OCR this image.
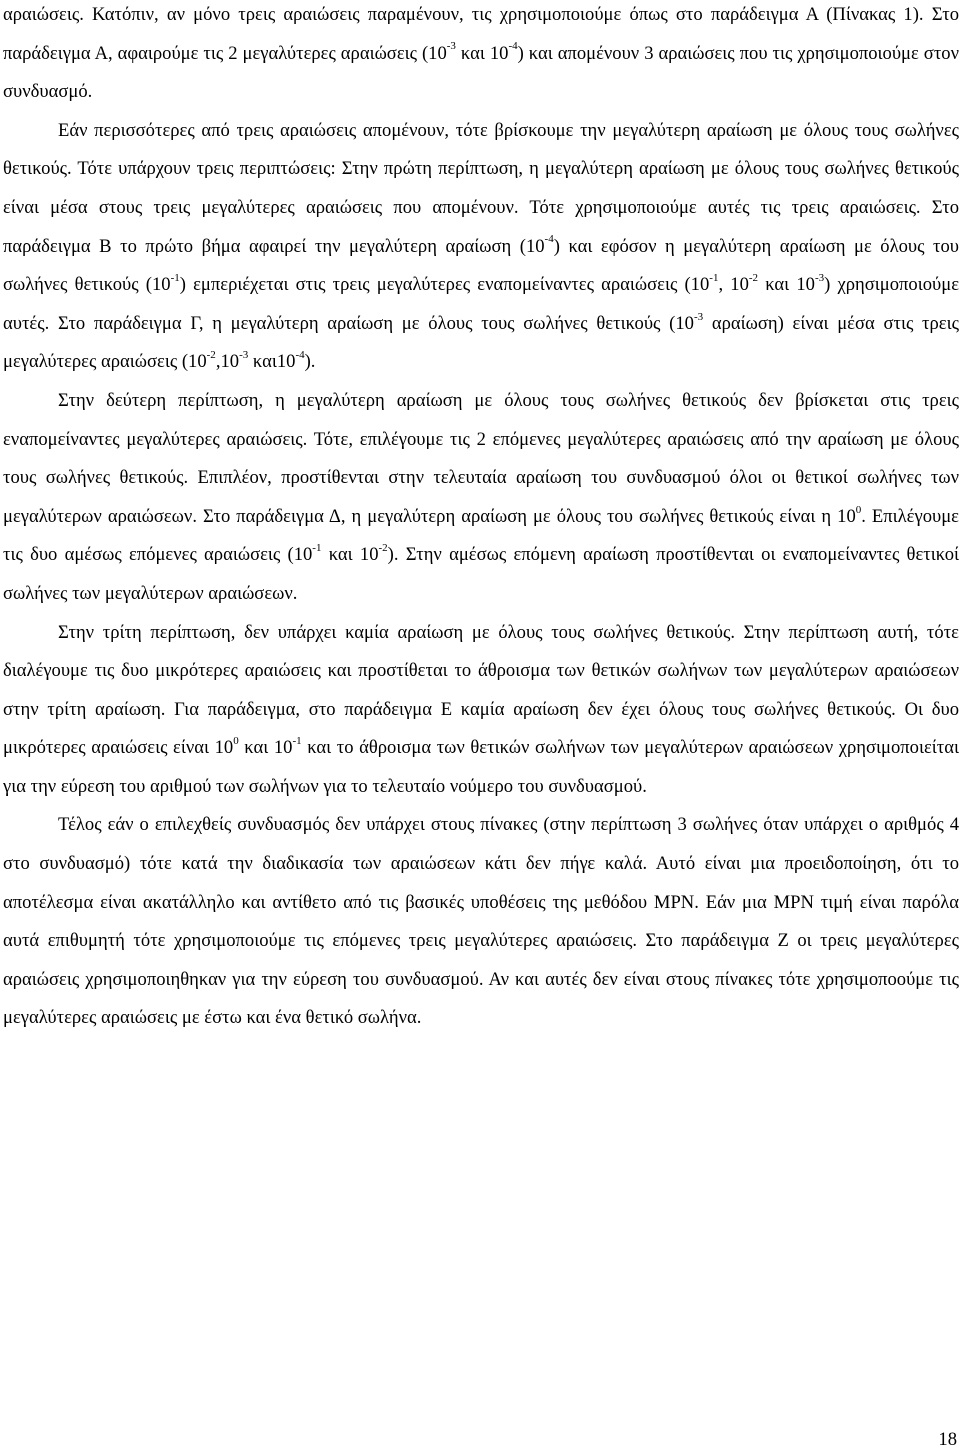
αραιώσεις. Κατόπιν, αν μόνο τρεις αραιώσεις παραμένουν, τις χρησιμοποιούμε όπως στο παράδειγμα Α (Πίνακας 1). Στο παράδειγμα Α, αφαιρούμε τις 2 μεγαλύτερες αραιώσεις ($10^{-3}$ και $10^{-4}$) και απομένουν 3 αραιώσεις που τις χρησιμοποιούμε στον συνδυασμό.

Εάν περισσότερες από τρεις αραιώσεις απομένουν, τότε βρίσκουμε την μεγαλύτερη αραίωση με όλους τους σωλήνες θετικούς. Τότε υπάρχουν τρεις περιπτώσεις: Στην πρώτη περίπτωση, η μεγαλύτερη αραίωση με όλους τους σωλήνες θετικούς είναι μέσα στους τρεις μεγαλύτερες αραιώσεις που απομένουν. Τότε χρησιμοποιούμε αυτές τις τρεις αραιώσεις. Στο παράδειγμα Β το πρώτο βήμα αφαιρεί την μεγαλύτερη αραίωση $(10^{-4})$ και εφόσον η μεγαλύτερη αραίωση με όλους του σωλήνες θετικούς $(10^{-1})$ εμπεριέχεται στις τρεις μεγαλύτερες εναπομείναντες αραιώσεις ($10^{-1}$, $10^{-2}$ και $10^{-3}$) χρησιμοποιούμε αυτές. Στο παράδειγμα Γ, η μεγαλύτερη αραίωση με όλους τους σωλήνες θετικούς ($10^{-3}$ αραίωση) είναι μέσα στις τρεις μεγαλύτερες αραιώσεις ($10^{-2},10^{-3}$ $\kappa\alpha\iota 10^{-4}$).

Στην δεύτερη περίπτωση, η μεγαλύτερη αραίωση με όλους τους σωλήνες θετικούς δεν βρίσκεται στις τρεις εναπομείναντες μεγαλύτερες αραιώσεις. Τότε, επιλέγουμε τις 2 επόμενες μεγαλύτερες αραιώσεις από την αραίωση με όλους τους σωλήνες θετικούς. Επιπλέον, προστίθενται στην τελευταία αραίωση του συνδυασμού όλοι οι θετικοί σωλήνες των μεγαλύτερων αραιώσεων. Στο παράδειγμα Δ, η μεγαλύτερη αραίωση με όλους του σωλήνες θετικούς είναι η $10^0$. Επιλέγουμε τις δυο αμέσως επόμενες αραιώσεις ($10^{-1}$ και $10^{-2}$). Στην αμέσως επόμενη αραίωση προστίθενται οι εναπομείναντες θετικοί σωλήνες των μεγαλύτερων αραιώσεων.

Στην τρίτη περίπτωση, δεν υπάρχει καμία αραίωση με όλους τους σωλήνες θετικούς. Στην περίπτωση αυτή, τότε διαλέγουμε τις δυο μικρότερες αραιώσεις και προστίθεται το άθροισμα των θετικών σωλήνων των μεγαλύτερων αραιώσεων στην τρίτη αραίωση. Για παράδειγμα, στο παράδειγμα Ε καμία αραίωση δεν έχει όλους τους σωλήνες θετικούς. Οι δυο μικρότερες αραιώσεις είναι $10^0$ και $10^{-1}$ και το άθροισμα των θετικών σωλήνων των μεγαλύτερων αραιώσεων χρησιμοποιείται για την εύρεση του αριθμού των σωλήνων για το τελευταίο νούμερο του συνδυασμού.

Τέλος εάν ο επιλεχθείς συνδυασμός δεν υπάρχει στους πίνακες (στην περίπτωση 3 σωλήνες όταν υπάρχει ο αριθμός 4 στο συνδυασμό) τότε κατά την διαδικασία των αραιώσεων κάτι δεν πήγε καλά. Αυτό είναι μια προειδοποίηση, ότι το αποτέλεσμα είναι ακατάλληλο και αντίθετο από τις βασικές υποθέσεις της μεθόδου MPN. Εάν μια MPN τιμή είναι παρόλα αυτά επιθυμητή τότε χρησιμοποιούμε τις επόμενες τρεις μεγαλύτερες αραιώσεις. Στο παράδειγμα Ζ οι τρεις μεγαλύτερες αραιώσεις χρησιμοποιηθηκαν για την εύρεση του συνδυασμού. Αν και αυτές δεν είναι στους πίνακες τότε χρησιμοποούμε τις μεγαλύτερες αραιώσεις με έστω και ένα θετικό σωλήνα.

18
